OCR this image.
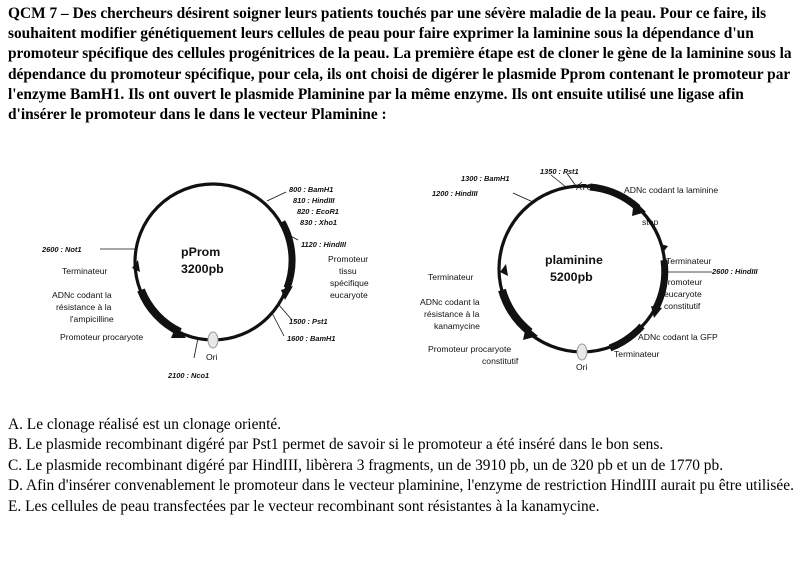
QCM 7 – Des chercheurs désirent soigner leurs patients touchés par une sévère maladie de la peau. Pour ce faire, ils souhaitent modifier génétiquement leurs cellules de peau pour faire exprimer la laminine sous la dépendance d'un promoteur spécifique des cellules progénitrices de la peau. La première étape est de cloner le gène de la laminine sous la dépendance du promoteur spécifique, pour cela, ils ont choisi de digérer le plasmide Pprom contenant le promoteur par l'enzyme BamH1. Ils ont ouvert le plasmide Plaminine par la même enzyme. Ils ont ensuite utilisé une ligase afin d'insérer le promoteur dans le dans le vecteur Plaminine :
pProm
3200pb
800 : BamH1
810 : HindIII
820 : EcoR1
830 : Xho1
1120 : HindIII
1500 : Pst1
1600 : BamH1
2100 : Nco1
2600 : Not1
Promoteur
tissu
spécifique
eucaryote
Terminateur
ADNc codant la
résistance à la
l'ampicilline
Promoteur procaryote
Ori
plaminine
5200pb
1300 : BamH1
1350 : Pst1
1200 : HindIII
2600 : HindIII
ATG	ADNc codant la laminine
stop
Terminateur
Promoteur
eucaryote
constitutif
Terminateur
ADNc codant la
résistance à la
kanamycine
Promoteur procaryote
constitutif
Ori
ADNc codant la GFP
Terminateur

A. Le clonage réalisé est un clonage orienté.

B. Le plasmide recombinant digéré par Pst1 permet de savoir si le promoteur a été inséré dans le bon sens.

C. Le plasmide recombinant digéré par HindIII, libèrera 3 fragments, un de 3910 pb, un de 320 pb et un de 1770 pb.

D. Afin d'insérer convenablement le promoteur dans le vecteur plaminine, l'enzyme de restriction HindIII aurait pu être utilisée.

E. Les cellules de peau transfectées par le vecteur recombinant sont résistantes à la kanamycine.
